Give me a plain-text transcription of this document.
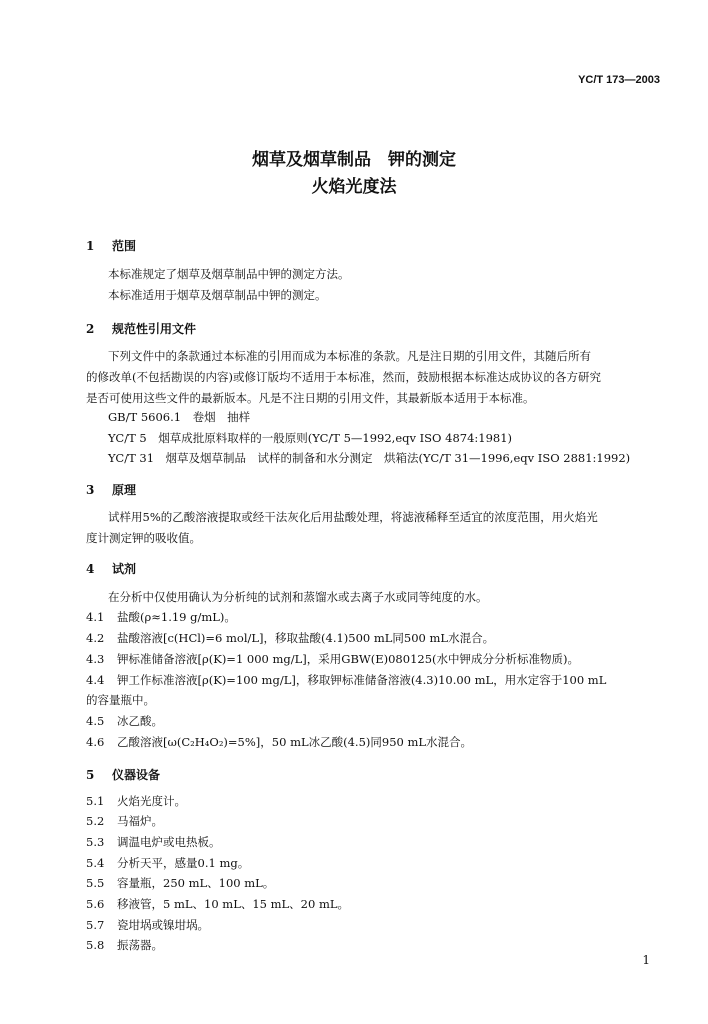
YC/T 173—2003
烟草及烟草制品　钾的测定
火焰光度法
1 范围
本标准规定了烟草及烟草制品中钾的测定方法。
本标准适用于烟草及烟草制品中钾的测定。
2 规范性引用文件
下列文件中的条款通过本标准的引用而成为本标准的条款。凡是注日期的引用文件，其随后所有
的修改单(不包括勘误的内容)或修订版均不适用于本标准，然而，鼓励根据本标准达成协议的各方研究
是否可使用这些文件的最新版本。凡是不注日期的引用文件，其最新版本适用于本标准。
GB/T 5606.1　卷烟　抽样
YC/T 5　烟草成批原料取样的一般原则(YC/T 5—1992,eqv ISO 4874:1981)
YC/T 31　烟草及烟草制品　试样的制备和水分测定　烘箱法(YC/T 31—1996,eqv ISO 2881:1992)
3 原理
试样用5%的乙酸溶液提取或经干法灰化后用盐酸处理，将滤液稀释至适宜的浓度范围，用火焰光
度计测定钾的吸收值。
4 试剂
在分析中仅使用确认为分析纯的试剂和蒸馏水或去离子水或同等纯度的水。
4.1 盐酸(ρ≈1.19 g/mL)。
4.2 盐酸溶液[c(HCl)=6 mol/L]，移取盐酸(4.1)500 mL同500 mL水混合。
4.3 钾标准储备溶液[ρ(K)=1 000 mg/L]，采用GBW(E)080125(水中钾成分分析标准物质)。
4.4 钾工作标准溶液[ρ(K)=100 mg/L]，移取钾标准储备溶液(4.3)10.00 mL，用水定容于100 mL
的容量瓶中。
4.5 冰乙酸。
4.6 乙酸溶液[ω(C₂H₄O₂)=5%]，50 mL冰乙酸(4.5)同950 mL水混合。
5 仪器设备
5.1 火焰光度计。
5.2 马福炉。
5.3 调温电炉或电热板。
5.4 分析天平，感量0.1 mg。
5.5 容量瓶，250 mL、100 mL。
5.6 移液管，5 mL、10 mL、15 mL、20 mL。
5.7 瓷坩埚或镍坩埚。
5.8 振荡器。
1
